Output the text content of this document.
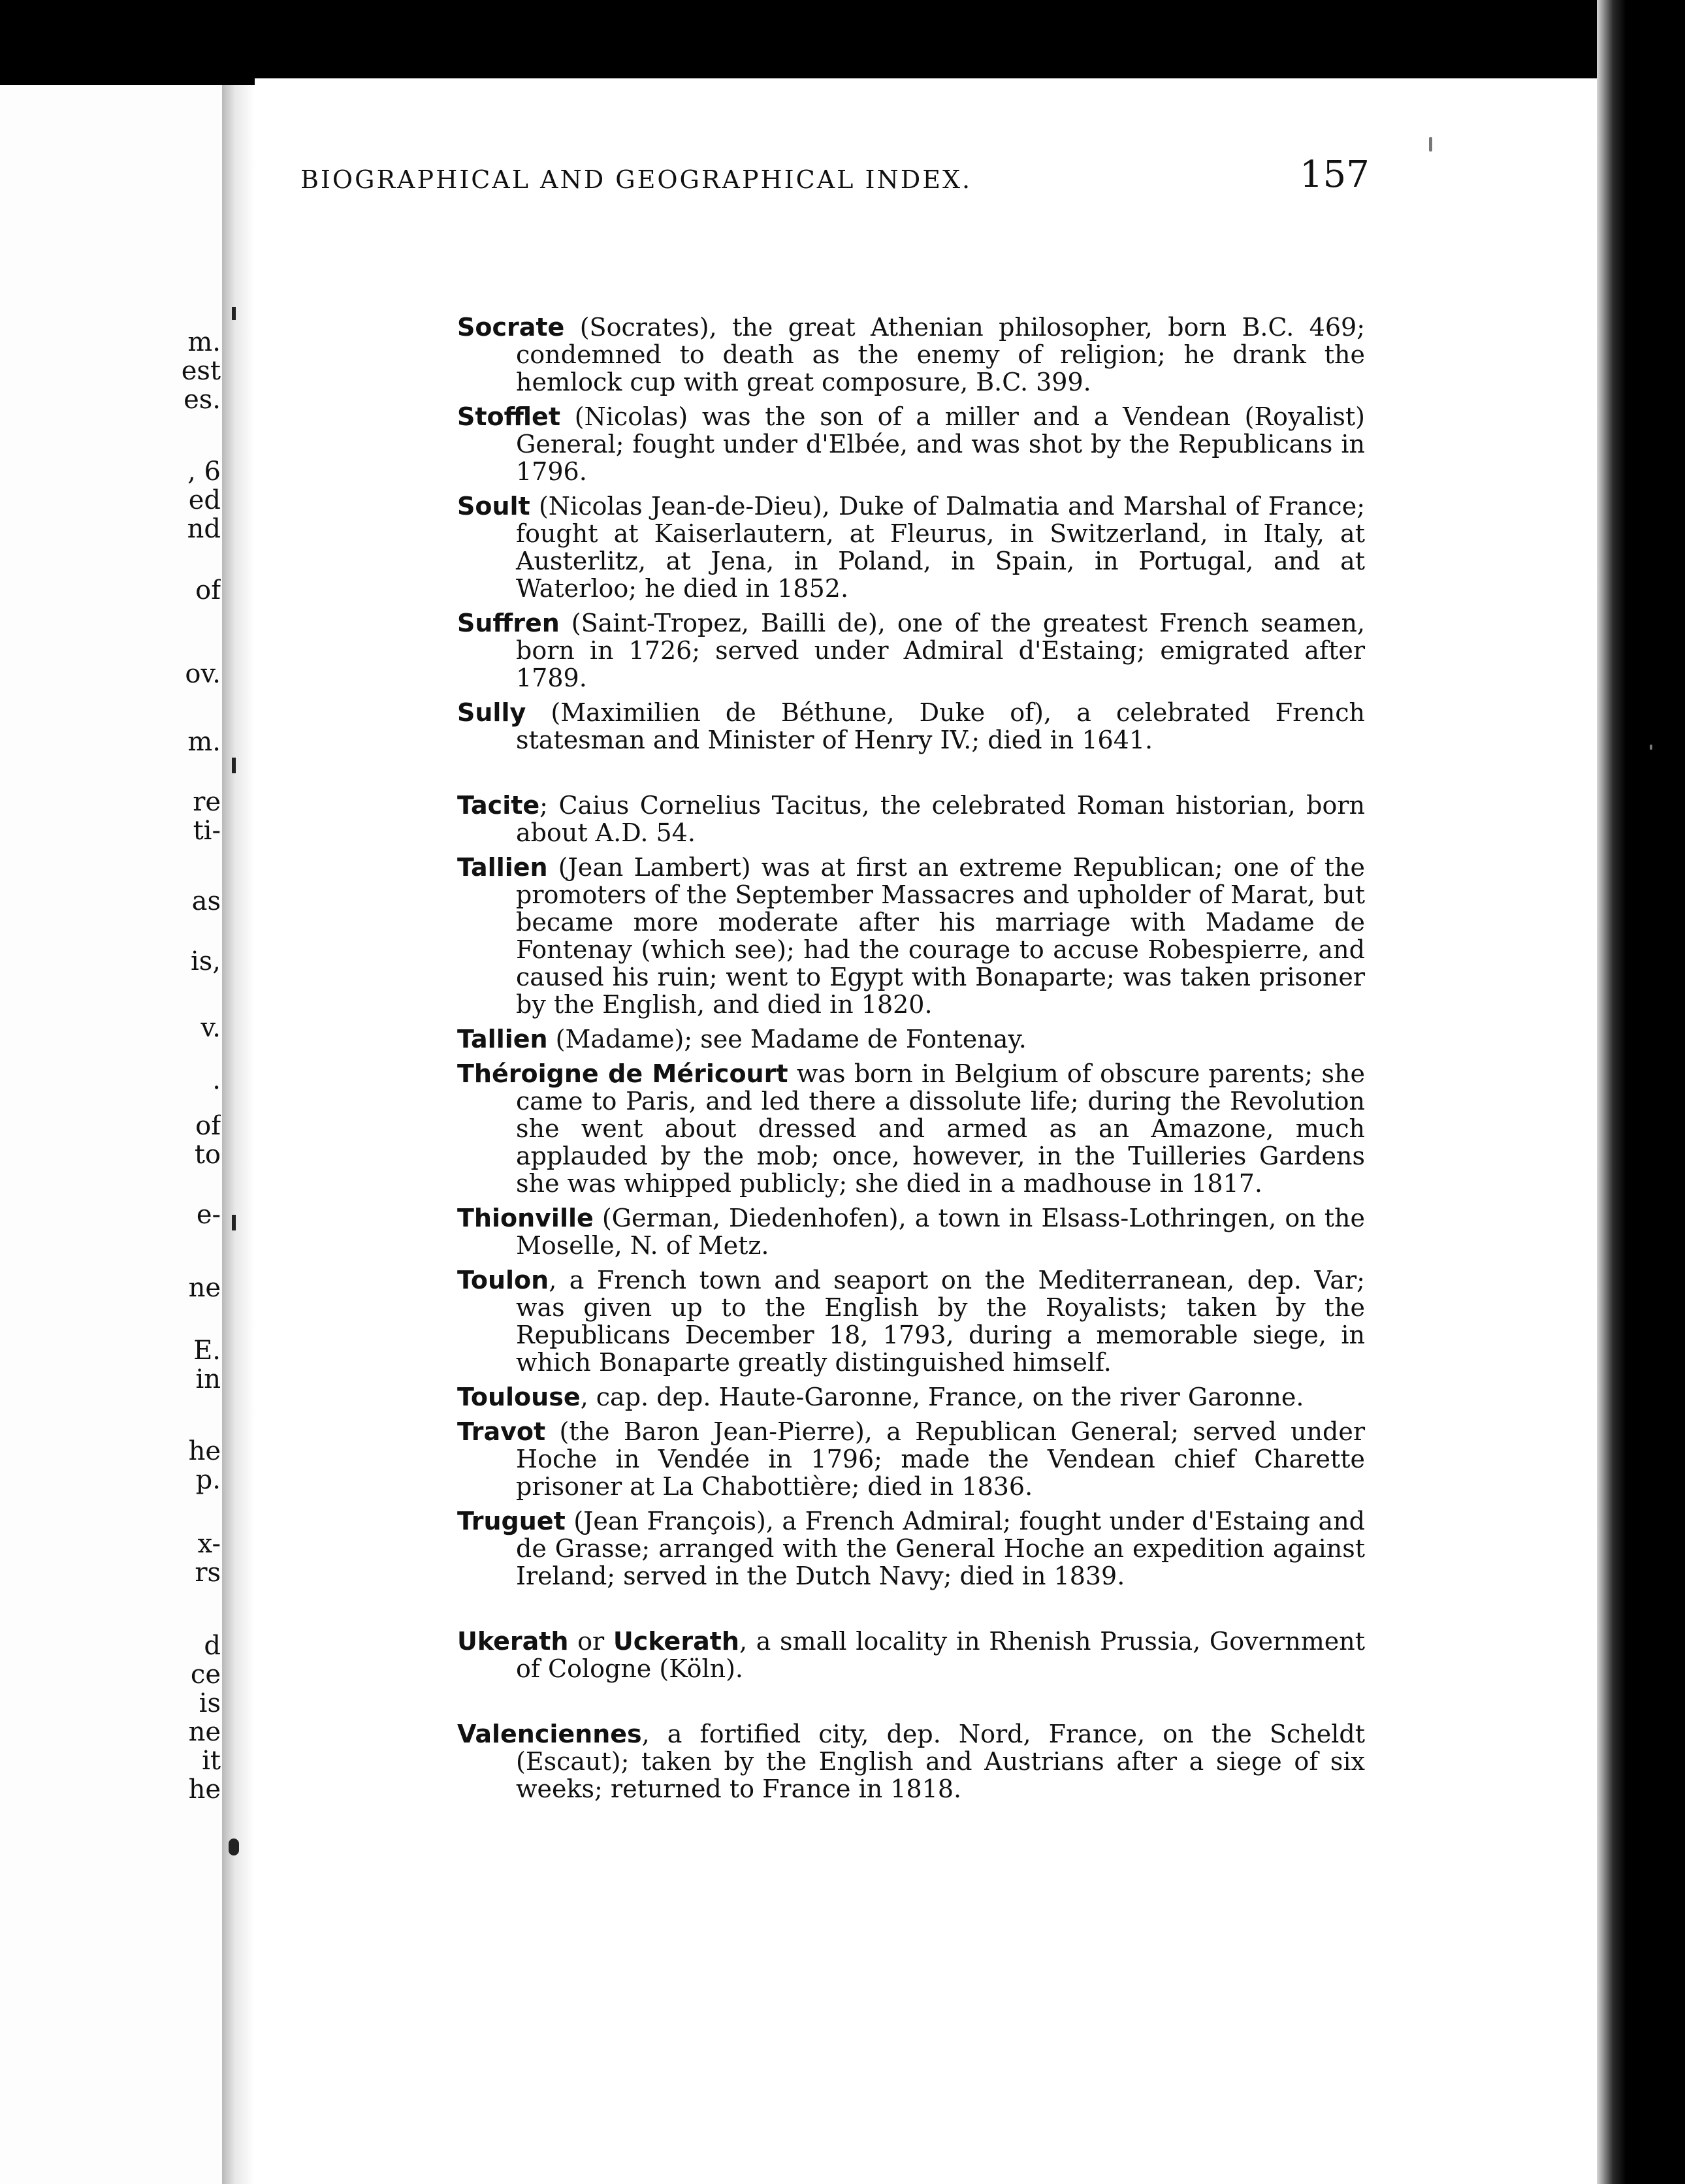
m.
est
es.
, 6
ed
nd
of
ov.
m.
re
ti-
as
is,
v.
.
of
to
e-
ne
E.
in
he
p.
x-
rs
d
ce
is
ne
it
he
BIOGRAPHICAL AND GEOGRAPHICAL INDEX.	157

Socrate (Socrates), the great Athenian philosopher, born B.C. 469; condemned to death as the enemy of religion; he drank the hemlock cup with great composure, B.C. 399.

Stofflet (Nicolas) was the son of a miller and a Vendean (Royalist) General; fought under d'Elbée, and was shot by the Republicans in 1796.

Soult (Nicolas Jean-de-Dieu), Duke of Dalmatia and Marshal of France; fought at Kaiserlautern, at Fleurus, in Switzerland, in Italy, at Austerlitz, at Jena, in Poland, in Spain, in Portugal, and at Waterloo; he died in 1852.

Suffren (Saint-Tropez, Bailli de), one of the greatest French seamen, born in 1726; served under Admiral d'Estaing; emigrated after 1789.

Sully (Maximilien de Béthune, Duke of), a celebrated French statesman and Minister of Henry IV.; died in 1641.

Tacite; Caius Cornelius Tacitus, the celebrated Roman historian, born about A.D. 54.

Tallien (Jean Lambert) was at first an extreme Republican; one of the promoters of the September Massacres and upholder of Marat, but became more moderate after his marriage with Madame de Fontenay (which see); had the courage to accuse Robespierre, and caused his ruin; went to Egypt with Bonaparte; was taken prisoner by the English, and died in 1820.

Tallien (Madame); see Madame de Fontenay.

Théroigne de Méricourt was born in Belgium of obscure parents; she came to Paris, and led there a dissolute life; during the Revolution she went about dressed and armed as an Amazone, much applauded by the mob; once, however, in the Tuilleries Gardens she was whipped publicly; she died in a madhouse in 1817.

Thionville (German, Diedenhofen), a town in Elsass-Lothringen, on the Moselle, N. of Metz.

Toulon, a French town and seaport on the Mediterranean, dep. Var; was given up to the English by the Royalists; taken by the Republicans December 18, 1793, during a memorable siege, in which Bonaparte greatly distinguished himself.

Toulouse, cap. dep. Haute-Garonne, France, on the river Garonne.

Travot (the Baron Jean-Pierre), a Republican General; served under Hoche in Vendée in 1796; made the Vendean chief Charette prisoner at La Chabottière; died in 1836.

Truguet (Jean François), a French Admiral; fought under d'Estaing and de Grasse; arranged with the General Hoche an expedition against Ireland; served in the Dutch Navy; died in 1839.

Ukerath or Uckerath, a small locality in Rhenish Prussia, Government of Cologne (Köln).

Valenciennes, a fortified city, dep. Nord, France, on the Scheldt (Escaut); taken by the English and Austrians after a siege of six weeks; returned to France in 1818.
